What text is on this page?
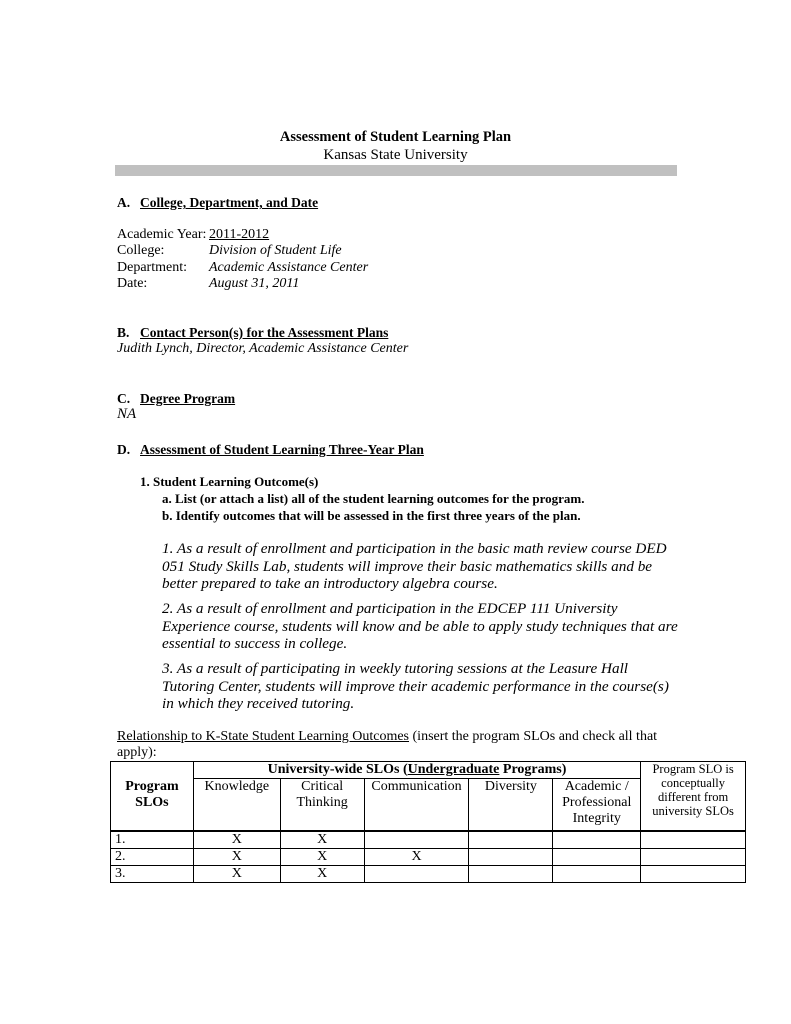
Assessment of Student Learning Plan
Kansas State University
A. College, Department, and Date
Academic Year: 2011-2012
College:	Division of Student Life
Department: Academic Assistance Center
Date:	August 31, 2011
B. Contact Person(s) for the Assessment Plans
Judith Lynch, Director, Academic Assistance Center
C. Degree Program
NA
D. Assessment of Student Learning Three-Year Plan
1. Student Learning Outcome(s)
a. List (or attach a list) all of the student learning outcomes for the program.
b. Identify outcomes that will be assessed in the first three years of the plan.
1. As a result of enrollment and participation in the basic math review course DED 051 Study Skills Lab, students will improve their basic mathematics skills and be better prepared to take an introductory algebra course.
2. As a result of enrollment and participation in the EDCEP 111 University Experience course, students will know and be able to apply study techniques that are essential to success in college.
3. As a result of participating in weekly tutoring sessions at the Leasure Hall Tutoring Center, students will improve their academic performance in the course(s) in which they received tutoring.
Relationship to K-State Student Learning Outcomes (insert the program SLOs and check all that apply):
	University-wide SLOs (Undergraduate Programs)					Program SLO is conceptually different from university SLOs
Program SLOs	Knowledge	Critical Thinking	Communication	Diversity	Academic / Professional Integrity	
1.	X	X				
2.	X	X	X			
3.	X	X				
